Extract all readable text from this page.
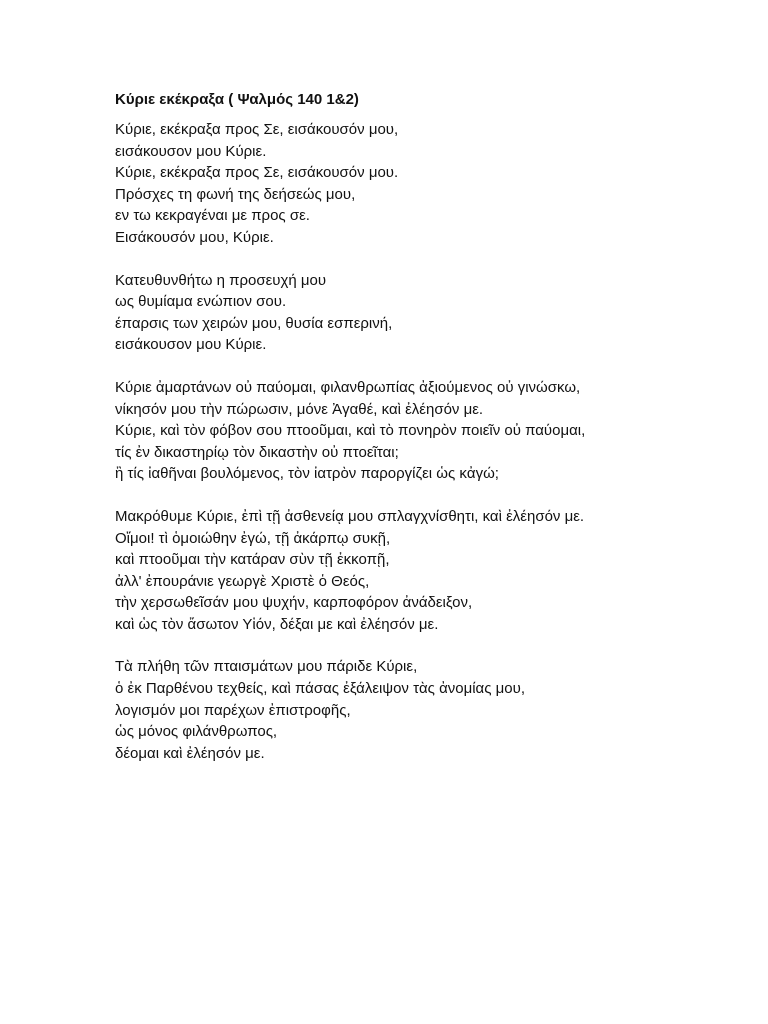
Κύριε εκέκραξα ( Ψαλμός 140 1&2)
Κύριε, εκέκραξα προς Σε, εισάκουσόν μου,
εισάκουσον μου Κύριε.
Κύριε, εκέκραξα προς Σε, εισάκουσόν μου.
Πρόσχες τη φωνή της δεήσεώς μου,
εν τω κεκραγέναι με προς σε.
Εισάκουσόν μου, Κύριε.
Κατευθυνθήτω η προσευχή μου
ως θυμίαμα ενώπιον σου.
έπαρσις των χειρών μου, θυσία εσπερινή,
εισάκουσον μου Κύριε.
Κύριε ἀμαρτάνων οὐ παύομαι, φιλανθρωπίας ἀξιούμενος οὐ γινώσκω,
νίκησόν μου τὴν πώρωσιν, μόνε Ἀγαθέ, καὶ ἐλέησόν με.
Κύριε, καὶ τὸν φόβον σου πτοοῦμαι, καὶ τὸ πονηρὸν ποιεῖν οὐ παύομαι,
τίς ἐν δικαστηρίῳ τὸν δικαστὴν οὐ πτοεῖται;
ἢ τίς ἰαθῆναι βουλόμενος, τὸν ἰατρὸν παροργίζει ὡς κἀγώ;
Μακρόθυμε Κύριε, ἐπὶ τῇ ἀσθενείᾳ μου σπλαγχνίσθητι, καὶ ἐλέησόν με.
Οἴμοι! τὶ ὁμοιώθην ἐγώ, τῇ ἀκάρπῳ συκῇ,
καὶ πτοοῦμαι τὴν κατάραν σὺν τῇ ἐκκοπῇ,
ἀλλ' ἐπουράνιε γεωργὲ Χριστὲ ὁ Θεός,
τὴν χερσωθεῖσάν μου ψυχήν, καρποφόρον ἀνάδειξον,
καὶ ὡς τὸν ἄσωτον Υἱόν, δέξαι με καὶ ἐλέησόν με.
Τὰ πλήθη τῶν πταισμάτων μου πάριδε Κύριε,
ὁ ἐκ Παρθένου τεχθείς, καὶ πάσας ἐξάλειψον τὰς ἀνομίας μου,
λογισμόν μοι παρέχων ἐπιστροφῆς,
ὡς μόνος φιλάνθρωπος,
δέομαι καὶ ἐλέησόν με.
